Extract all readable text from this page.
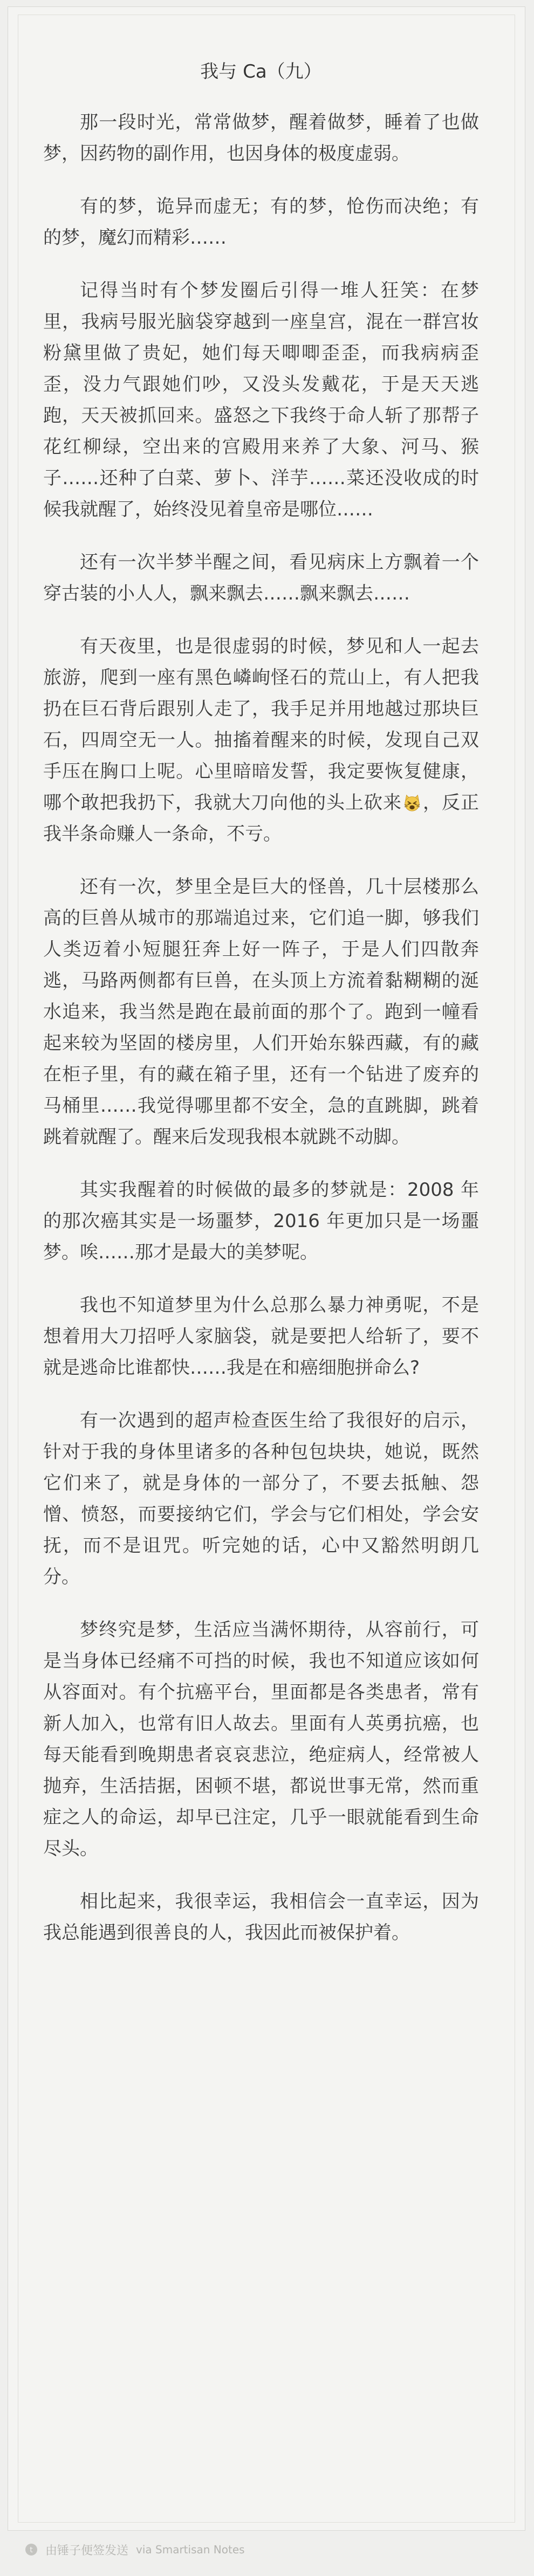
我与 Ca（九）

那一段时光，常常做梦，醒着做梦，睡着了也做梦，因药物的副作用，也因身体的极度虚弱。

有的梦，诡异而虚无；有的梦，怆伤而决绝；有的梦，魔幻而精彩……

记得当时有个梦发圈后引得一堆人狂笑：在梦里，我病号服光脑袋穿越到一座皇宫，混在一群宫妆粉黛里做了贵妃，她们每天唧唧歪歪，而我病病歪歪，没力气跟她们吵，又没头发戴花，于是天天逃跑，天天被抓回来。盛怒之下我终于命人斩了那帮子花红柳绿，空出来的宫殿用来养了大象、河马、猴子……还种了白菜、萝卜、洋芋……菜还没收成的时候我就醒了，始终没见着皇帝是哪位……

还有一次半梦半醒之间，看见病床上方飘着一个穿古装的小人人，飘来飘去……飘来飘去……

有天夜里，也是很虚弱的时候，梦见和人一起去旅游，爬到一座有黑色嶙峋怪石的荒山上，有人把我扔在巨石背后跟别人走了，我手足并用地越过那块巨石，四周空无一人。抽搐着醒来的时候，发现自己双手压在胸口上呢。心里暗暗发誓，我定要恢复健康，哪个敢把我扔下，我就大刀向他的头上砍来 ，反正我半条命赚人一条命，不亏。

还有一次，梦里全是巨大的怪兽，几十层楼那么高的巨兽从城市的那端追过来，它们追一脚，够我们人类迈着小短腿狂奔上好一阵子，于是人们四散奔逃，马路两侧都有巨兽，在头顶上方流着黏糊糊的涎水追来，我当然是跑在最前面的那个了。跑到一幢看起来较为坚固的楼房里，人们开始东躲西藏，有的藏在柜子里，有的藏在箱子里，还有一个钻进了废弃的马桶里……我觉得哪里都不安全，急的直跳脚，跳着跳着就醒了。醒来后发现我根本就跳不动脚。

其实我醒着的时候做的最多的梦就是：2008 年的那次癌其实是一场噩梦，2016 年更加只是一场噩梦。唉……那才是最大的美梦呢。

我也不知道梦里为什么总那么暴力神勇呢，不是想着用大刀招呼人家脑袋，就是要把人给斩了，要不就是逃命比谁都快……我是在和癌细胞拼命么?

有一次遇到的超声检查医生给了我很好的启示，针对于我的身体里诸多的各种包包块块，她说，既然它们来了，就是身体的一部分了，不要去抵触、怨憎、愤怒，而要接纳它们，学会与它们相处，学会安抚，而不是诅咒。听完她的话，心中又豁然明朗几分。

梦终究是梦，生活应当满怀期待，从容前行，可是当身体已经痛不可挡的时候，我也不知道应该如何从容面对。有个抗癌平台，里面都是各类患者，常有新人加入，也常有旧人故去。里面有人英勇抗癌，也每天能看到晚期患者哀哀悲泣，绝症病人，经常被人抛弃，生活拮据，困顿不堪，都说世事无常，然而重症之人的命运，却早已注定，几乎一眼就能看到生命尽头。

相比起来，我很幸运，我相信会一直幸运，因为我总能遇到很善良的人，我因此而被保护着。

t 由锤子便签发送 via Smartisan Notes
